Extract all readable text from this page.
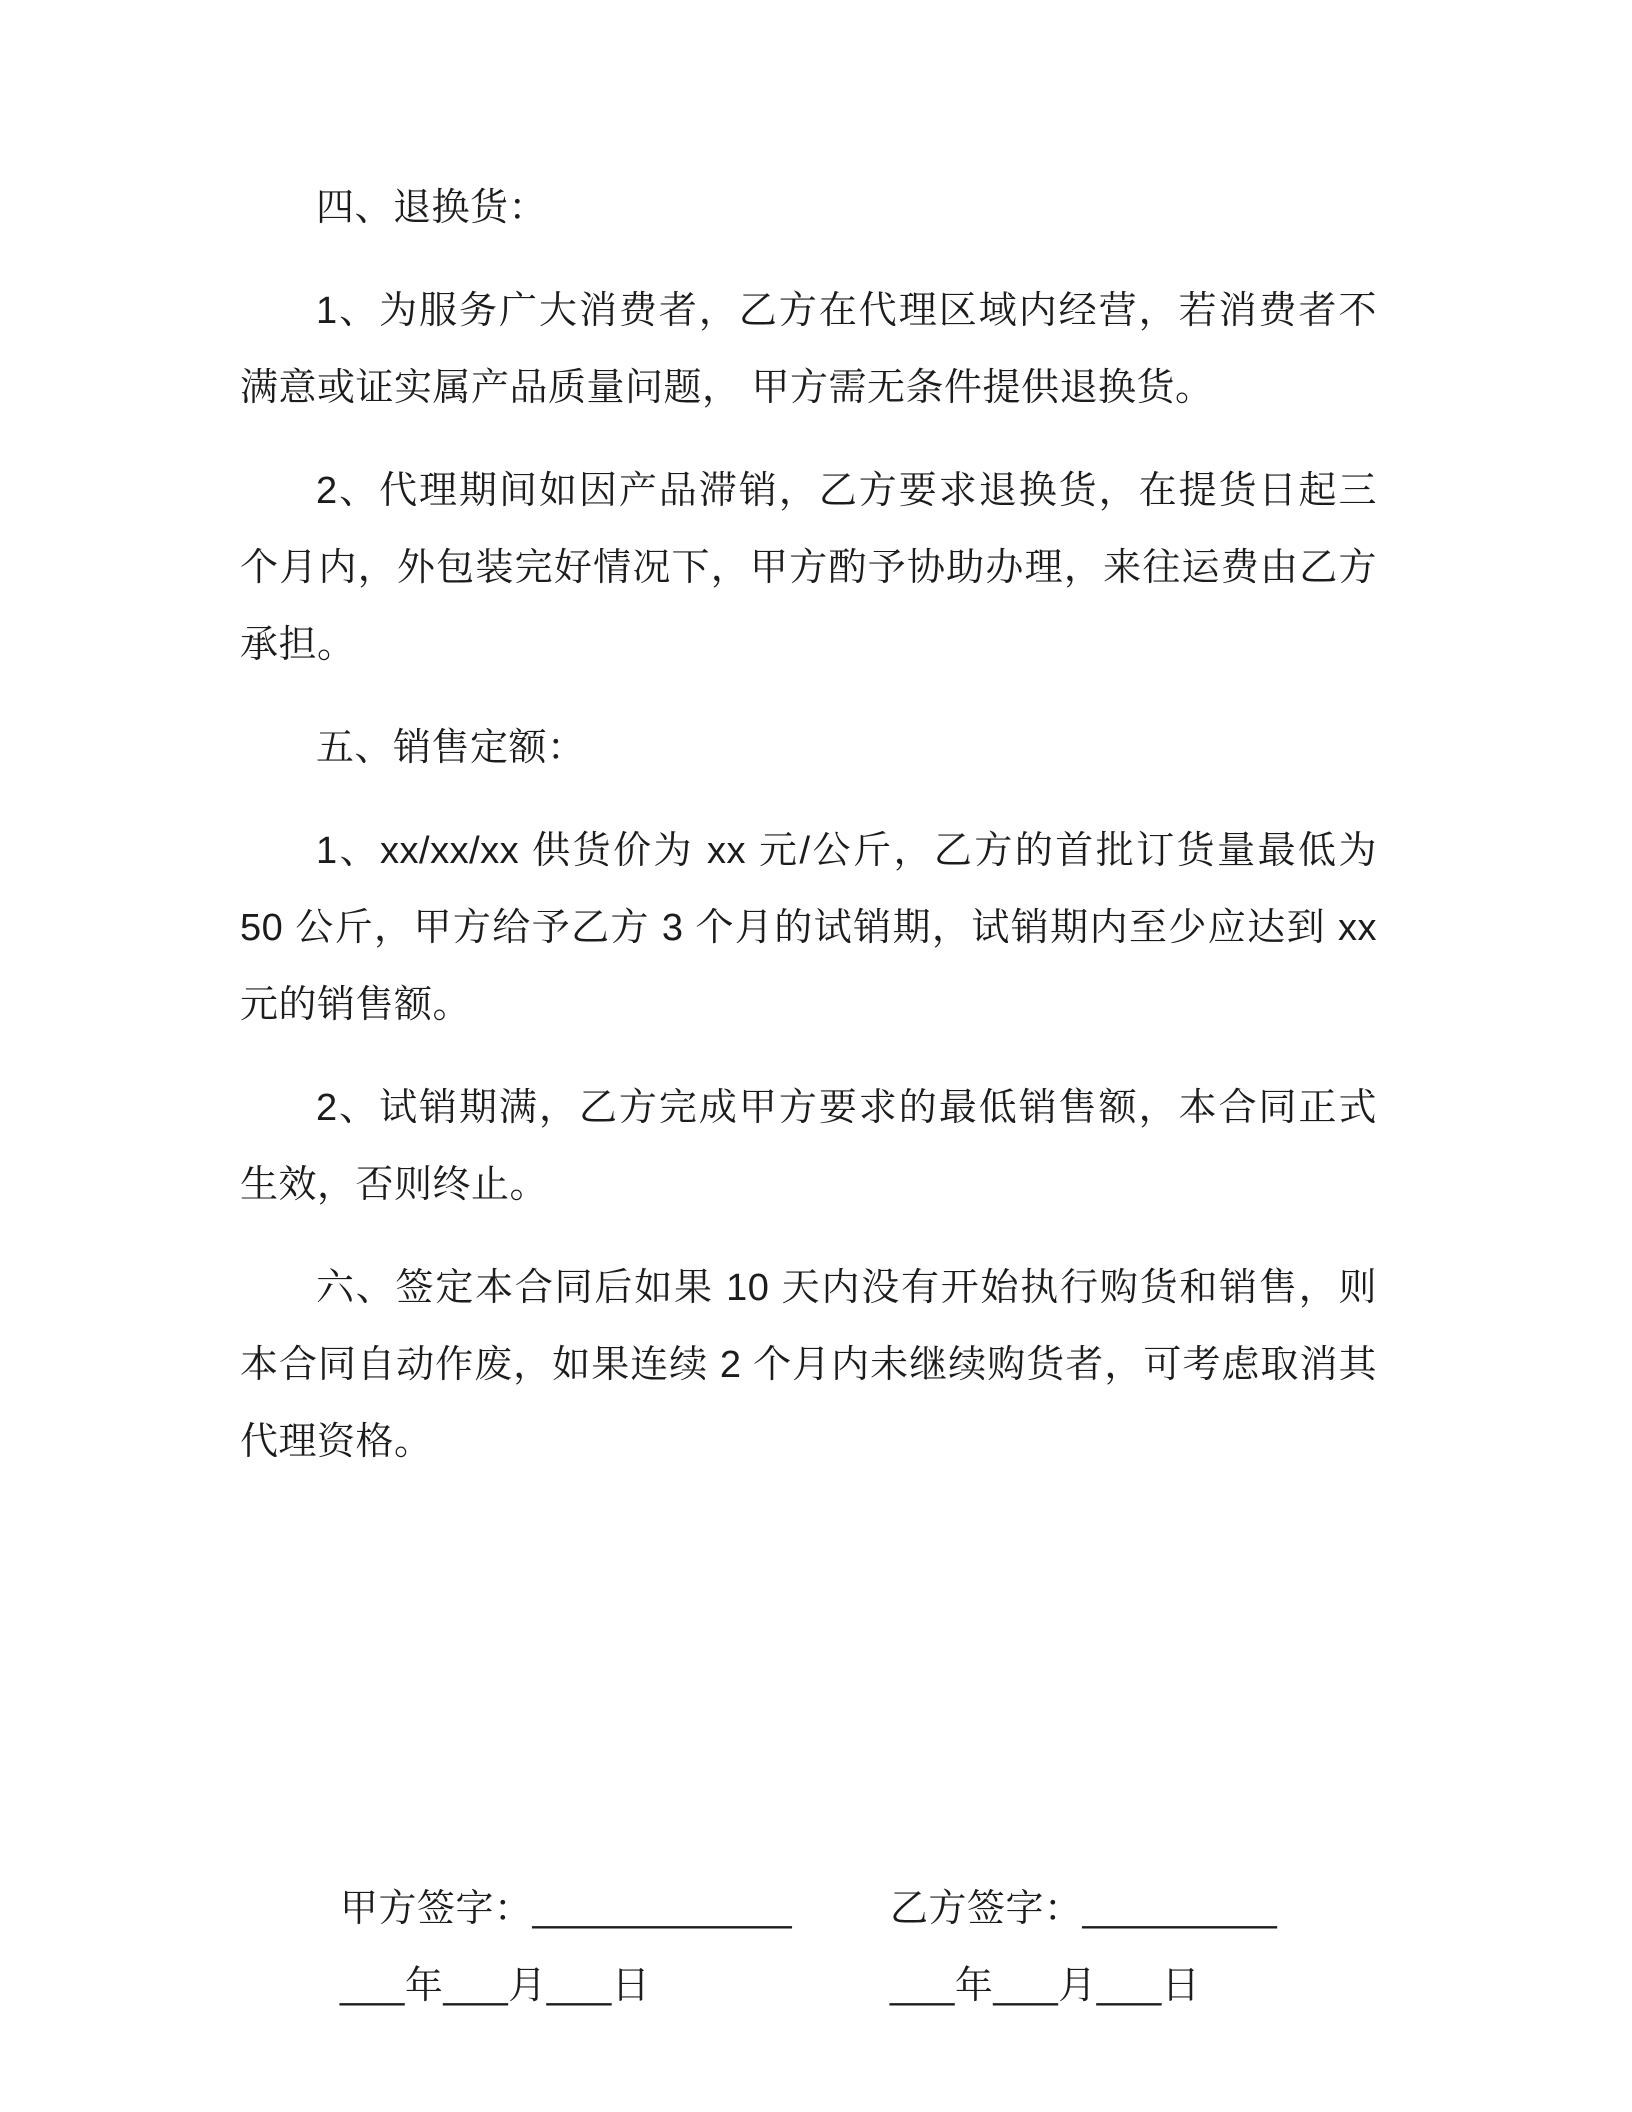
四、退换货：

1、为服务广大消费者，乙方在代理区域内经营，若消费者不满意或证实属产品质量问题， 甲方需无条件提供退换货。

2、代理期间如因产品滞销，乙方要求退换货，在提货日起三个月内，外包装完好情况下，甲方酌予协助办理，来往运费由乙方承担。

五、销售定额：

1、xx/xx/xx 供货价为 xx 元/公斤，乙方的首批订货量最低为 50 公斤，甲方给予乙方 3 个月的试销期，试销期内至少应达到 xx 元的销售额。

2、试销期满，乙方完成甲方要求的最低销售额，本合同正式生效，否则终止。

六、签定本合同后如果 10 天内没有开始执行购货和销售，则本合同自动作废，如果连续 2 个月内未继续购货者，可考虑取消其代理资格。

甲方签字：____________
___年___月___日
乙方签字：_________
___年___月___日
